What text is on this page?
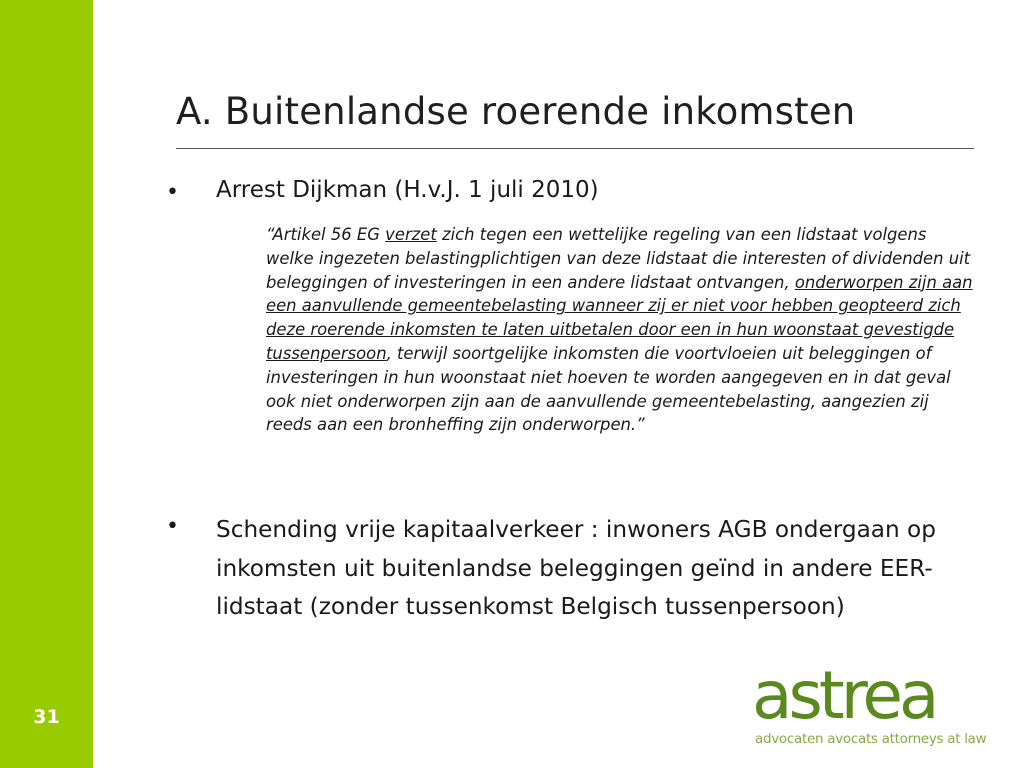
31
A. Buitenlandse roerende inkomsten
• Arrest Dijkman (H.v.J. 1 juli 2010)
“Artikel 56 EG verzet zich tegen een wettelijke regeling van een lidstaat volgens welke ingezeten belastingplichtigen van deze lidstaat die interesten of dividenden uit beleggingen of investeringen in een andere lidstaat ontvangen, onderworpen zijn aan een aanvullende gemeentebelasting wanneer zij er niet voor hebben geopteerd zich deze roerende inkomsten te laten uitbetalen door een in hun woonstaat gevestigde tussenpersoon, terwijl soortgelijke inkomsten die voortvloeien uit beleggingen of investeringen in hun woonstaat niet hoeven te worden aangegeven en in dat geval ook niet onderworpen zijn aan de aanvullende gemeentebelasting, aangezien zij reeds aan een bronheffing zijn onderworpen.”
• Schending vrije kapitaalverkeer : inwoners AGB ondergaan op inkomsten uit buitenlandse beleggingen geïnd in andere EER-lidstaat (zonder tussenkomst Belgisch tussenpersoon)
astrea
advocaten avocats attorneys at law
